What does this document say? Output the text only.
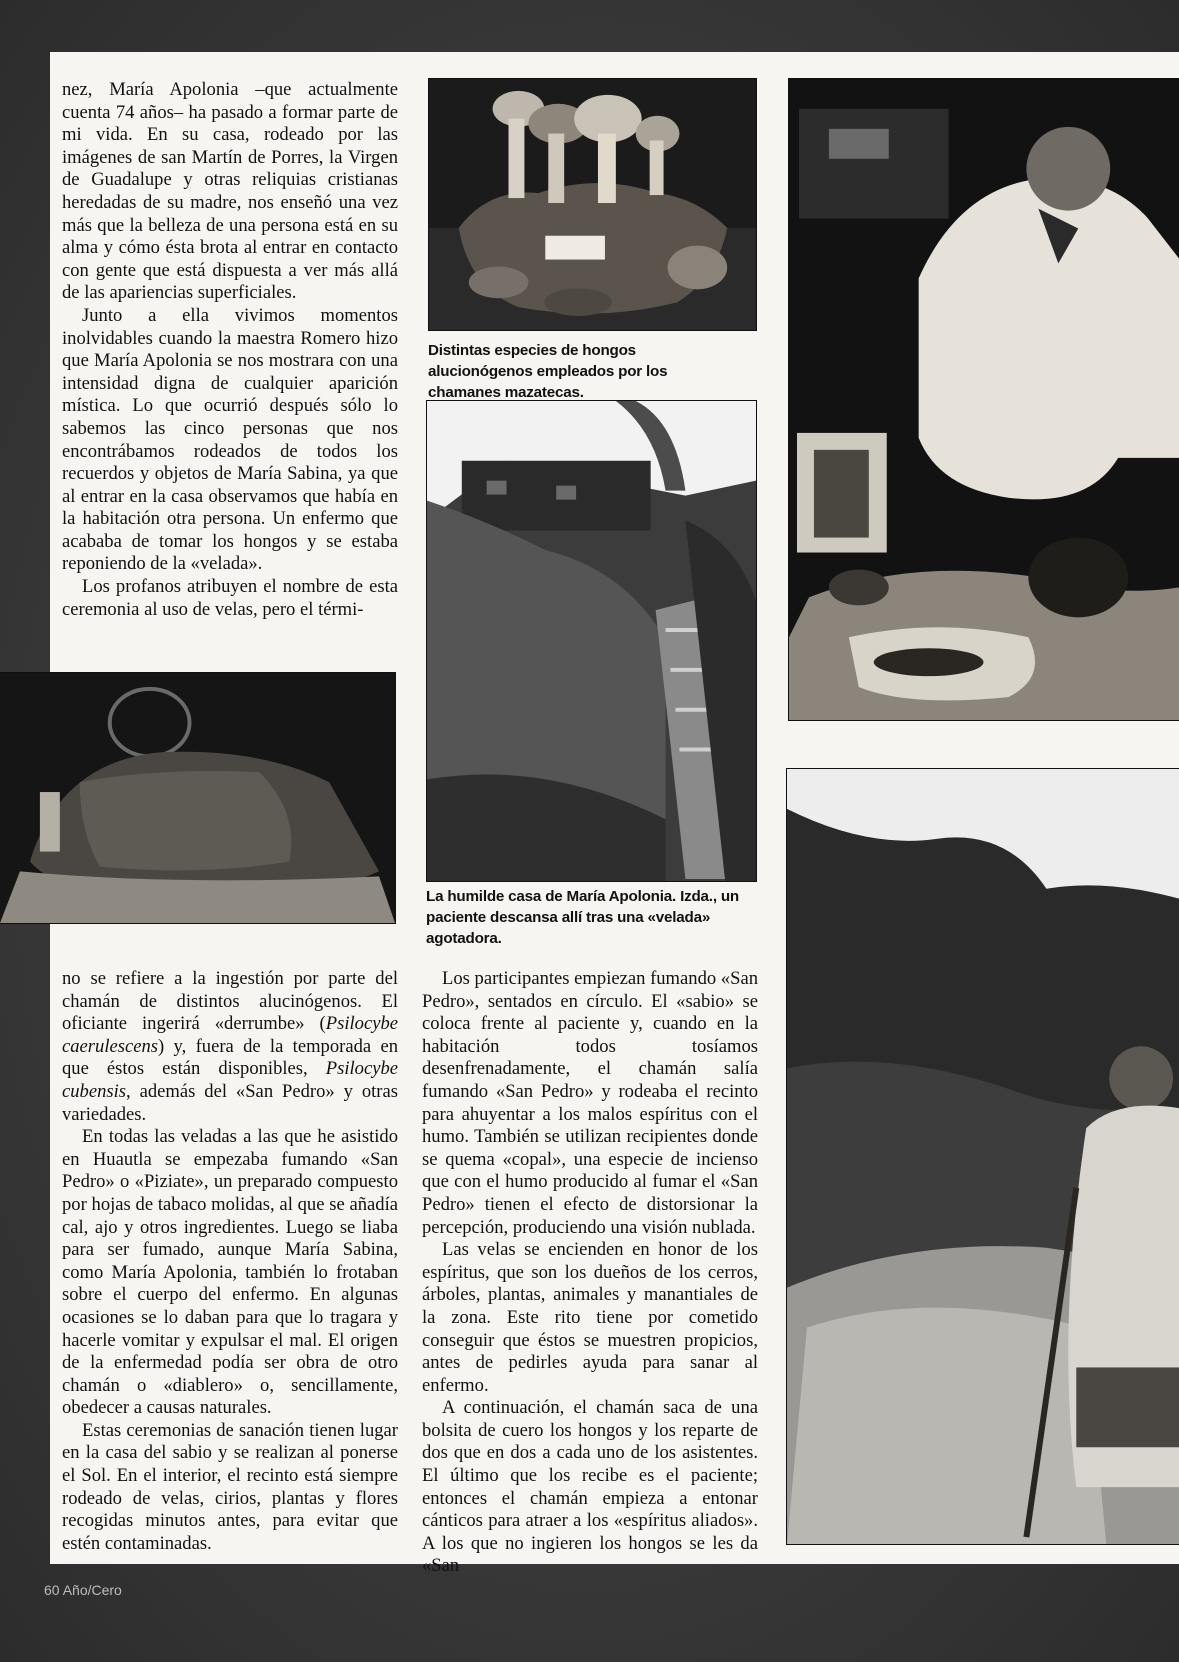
nez, María Apolonia –que actualmente cuenta 74 años– ha pasado a formar parte de mi vida. En su casa, rodeado por las imágenes de san Martín de Porres, la Virgen de Guadalupe y otras reliquias cristianas heredadas de su madre, nos enseñó una vez más que la belleza de una persona está en su alma y cómo ésta brota al entrar en contacto con gente que está dispuesta a ver más allá de las apariencias superficiales.

Junto a ella vivimos momentos inolvidables cuando la maestra Romero hizo que María Apolonia se nos mostrara con una intensidad digna de cualquier aparición mística. Lo que ocurrió después sólo lo sabemos las cinco personas que nos encontrábamos rodeados de todos los recuerdos y objetos de María Sabina, ya que al entrar en la casa observamos que había en la habitación otra persona. Un enfermo que acababa de tomar los hongos y se estaba reponiendo de la «velada».

Los profanos atribuyen el nombre de esta ceremonia al uso de velas, pero el térmi-

Distintas especies de hongos alucionógenos empleados por los chamanes mazatecas.
La humilde casa de María Apolonia. Izda., un paciente descansa allí tras una «velada» agotadora.

no se refiere a la ingestión por parte del chamán de distintos alucinógenos. El oficiante ingerirá «derrumbe» (Psilocybe caerulescens) y, fuera de la temporada en que éstos están disponibles, Psilocybe cubensis, además del «San Pedro» y otras variedades.

En todas las veladas a las que he asistido en Huautla se empezaba fumando «San Pedro» o «Piziate», un preparado compuesto por hojas de tabaco molidas, al que se añadía cal, ajo y otros ingredientes. Luego se liaba para ser fumado, aunque María Sabina, como María Apolonia, también lo frotaban sobre el cuerpo del enfermo. En algunas ocasiones se lo daban para que lo tragara y hacerle vomitar y expulsar el mal. El origen de la enfermedad podía ser obra de otro chamán o «diablero» o, sencillamente, obedecer a causas naturales.

Estas ceremonias de sanación tienen lugar en la casa del sabio y se realizan al ponerse el Sol. En el interior, el recinto está siempre rodeado de velas, cirios, plantas y flores recogidas minutos antes, para evitar que estén contaminadas.

Los participantes empiezan fumando «San Pedro», sentados en círculo. El «sabio» se coloca frente al paciente y, cuando en la habitación todos tosíamos desenfrenadamente, el chamán salía fumando «San Pedro» y rodeaba el recinto para ahuyentar a los malos espíritus con el humo. También se utilizan recipientes donde se quema «copal», una especie de incienso que con el humo producido al fumar el «San Pedro» tienen el efecto de distorsionar la percepción, produciendo una visión nublada.

Las velas se encienden en honor de los espíritus, que son los dueños de los cerros, árboles, plantas, animales y manantiales de la zona. Este rito tiene por cometido conseguir que éstos se muestren propicios, antes de pedirles ayuda para sanar al enfermo.

A continuación, el chamán saca de una bolsita de cuero los hongos y los reparte de dos que en dos a cada uno de los asistentes. El último que los recibe es el paciente; entonces el chamán empieza a entonar cánticos para atraer a los «espíritus aliados». A los que no ingieren los hongos se les da «San

60 Año/Cero
